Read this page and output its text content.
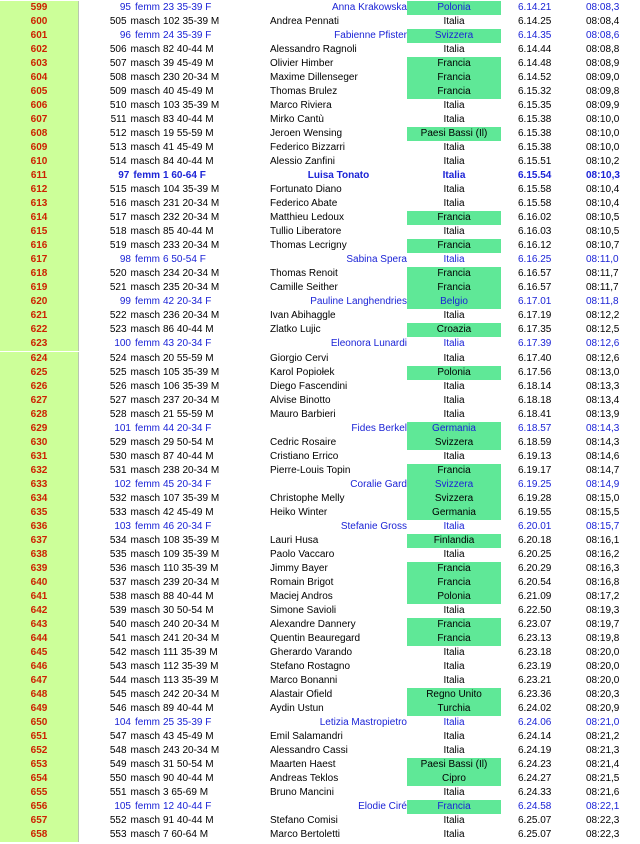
599	95 femm 23 35-39 F	Anna Krakowska	Polonia	6.14.21	08:08,3
600	505 masch 102 35-39 M	Andrea Pennati	Italia	6.14.25	08:08,4
601	96 femm 24 35-39 F	Fabienne Pfister	Svizzera	6.14.35	08:08,6
602	506 masch 82 40-44 M	Alessandro Ragnoli	Italia	6.14.44	08:08,8
603	507 masch 39 45-49 M	Olivier Himber	Francia	6.14.48	08:08,9
604	508 masch 230 20-34 M	Maxime Dillenseger	Francia	6.14.52	08:09,0
605	509 masch 40 45-49 M	Thomas Brulez	Francia	6.15.32	08:09,8
606	510 masch 103 35-39 M	Marco Riviera	Italia	6.15.35	08:09,9
607	511 masch 83 40-44 M	Mirko Cantù	Italia	6.15.38	08:10,0
608	512 masch 19 55-59 M	Jeroen Wensing	Paesi Bassi (Il)	6.15.38	08:10,0
609	513 masch 41 45-49 M	Federico Bizzarri	Italia	6.15.38	08:10,0
610	514 masch 84 40-44 M	Alessio Zanfini	Italia	6.15.51	08:10,2
611	97 femm 1 60-64 F	Luisa Tonato	Italia	6.15.54	08:10,3
612	515 masch 104 35-39 M	Fortunato Diano	Italia	6.15.58	08:10,4
613	516 masch 231 20-34 M	Federico Abate	Italia	6.15.58	08:10,4
614	517 masch 232 20-34 M	Matthieu Ledoux	Francia	6.16.02	08:10,5
615	518 masch 85 40-44 M	Tullio Liberatore	Italia	6.16.03	08:10,5
616	519 masch 233 20-34 M	Thomas Lecrigny	Francia	6.16.12	08:10,7
617	98 femm 6 50-54 F	Sabina Spera	Italia	6.16.25	08:11,0
618	520 masch 234 20-34 M	Thomas Renoit	Francia	6.16.57	08:11,7
619	521 masch 235 20-34 M	Camille Seither	Francia	6.16.57	08:11,7
620	99 femm 42 20-34 F	Pauline Langhendries	Belgio	6.17.01	08:11,8
621	522 masch 236 20-34 M	Ivan Abihaggle	Italia	6.17.19	08:12,2
622	523 masch 86 40-44 M	Zlatko Lujic	Croazia	6.17.35	08:12,5
623	100 femm 43 20-34 F	Eleonora Lunardi	Italia	6.17.39	08:12,6
624	524 masch 20 55-59 M	Giorgio Cervi	Italia	6.17.40	08:12,6
625	525 masch 105 35-39 M	Karol Popiołek	Polonia	6.17.56	08:13,0
626	526 masch 106 35-39 M	Diego Fascendini	Italia	6.18.14	08:13,3
627	527 masch 237 20-34 M	Alvise Binotto	Italia	6.18.18	08:13,4
628	528 masch 21 55-59 M	Mauro Barbieri	Italia	6.18.41	08:13,9
629	101 femm 44 20-34 F	Fides Berkel	Germania	6.18.57	08:14,3
630	529 masch 29 50-54 M	Cedric Rosaire	Svizzera	6.18.59	08:14,3
631	530 masch 87 40-44 M	Cristiano Errico	Italia	6.19.13	08:14,6
632	531 masch 238 20-34 M	Pierre-Louis Topin	Francia	6.19.17	08:14,7
633	102 femm 45 20-34 F	Coralie Gard	Svizzera	6.19.25	08:14,9
634	532 masch 107 35-39 M	Christophe Melly	Svizzera	6.19.28	08:15,0
635	533 masch 42 45-49 M	Heiko Winter	Germania	6.19.55	08:15,5
636	103 femm 46 20-34 F	Stefanie Gross	Italia	6.20.01	08:15,7
637	534 masch 108 35-39 M	Lauri Husa	Finlandia	6.20.18	08:16,1
638	535 masch 109 35-39 M	Paolo Vaccaro	Italia	6.20.25	08:16,2
639	536 masch 110 35-39 M	Jimmy Bayer	Francia	6.20.29	08:16,3
640	537 masch 239 20-34 M	Romain Brigot	Francia	6.20.54	08:16,8
641	538 masch 88 40-44 M	Maciej Andros	Polonia	6.21.09	08:17,2
642	539 masch 30 50-54 M	Simone Savioli	Italia	6.22.50	08:19,3
643	540 masch 240 20-34 M	Alexandre Dannery	Francia	6.23.07	08:19,7
644	541 masch 241 20-34 M	Quentin Beauregard	Francia	6.23.13	08:19,8
645	542 masch 111 35-39 M	Gherardo Varando	Italia	6.23.18	08:20,0
646	543 masch 112 35-39 M	Stefano Rostagno	Italia	6.23.19	08:20,0
647	544 masch 113 35-39 M	Marco Bonanni	Italia	6.23.21	08:20,0
648	545 masch 242 20-34 M	Alastair Ofield	Regno Unito	6.23.36	08:20,3
649	546 masch 89 40-44 M	Aydin Ustun	Turchia	6.24.02	08:20,9
650	104 femm 25 35-39 F	Letizia Mastropietro	Italia	6.24.06	08:21,0
651	547 masch 43 45-49 M	Emil Salamandri	Italia	6.24.14	08:21,2
652	548 masch 243 20-34 M	Alessandro Cassi	Italia	6.24.19	08:21,3
653	549 masch 31 50-54 M	Maarten Haest	Paesi Bassi (Il)	6.24.23	08:21,4
654	550 masch 90 40-44 M	Andreas Teklos	Cipro	6.24.27	08:21,5
655	551 masch 3 65-69 M	Bruno Mancini	Italia	6.24.33	08:21,6
656	105 femm 12 40-44 F	Elodie Ciré	Francia	6.24.58	08:22,1
657	552 masch 91 40-44 M	Stefano Comisi	Italia	6.25.07	08:22,3
658	553 masch 7 60-64 M	Marco Bertoletti	Italia	6.25.07	08:22,3
